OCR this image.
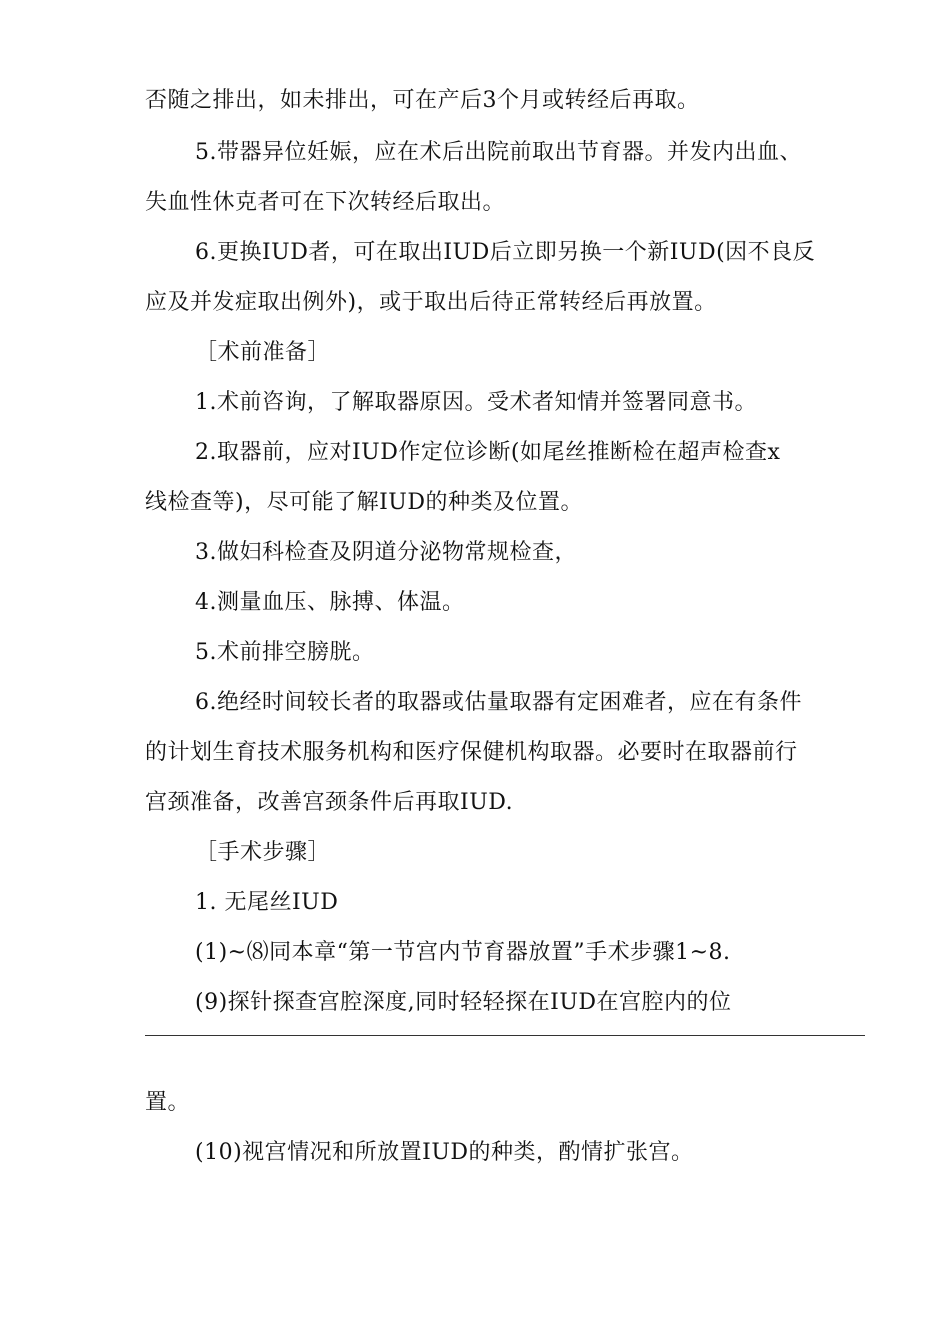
否随之排出，如未排出，可在产后3个月或转经后再取。
5.带器异位妊娠，应在术后出院前取出节育器。并发内出血、
失血性休克者可在下次转经后取出。
6.更换IUD者，可在取出IUD后立即另换一个新IUD(因不良反
应及并发症取出例外)，或于取出后待正常转经后再放置。
［术前准备］
1.术前咨询，了解取器原因。受术者知情并签署同意书。
2.取器前，应对IUD作定位诊断(如尾丝推断检在超声检查x
线检查等)，尽可能了解IUD的种类及位置。
3.做妇科检查及阴道分泌物常规检查，
4.测量血压、脉搏、体温。
5.术前排空膀胱。
6.绝经时间较长者的取器或估量取器有定困难者，应在有条件
的计划生育技术服务机构和医疗保健机构取器。必要时在取器前行
宫颈准备，改善宫颈条件后再取IUD.
［手术步骤］
1. 无尾丝IUD
(1)~⑻同本章“第一节宫内节育器放置”手术步骤1~8.
(9)探针探查宫腔深度,同时轻轻探在IUD在宫腔内的位
置。
(10)视宫情况和所放置IUD的种类，酌情扩张宫。
